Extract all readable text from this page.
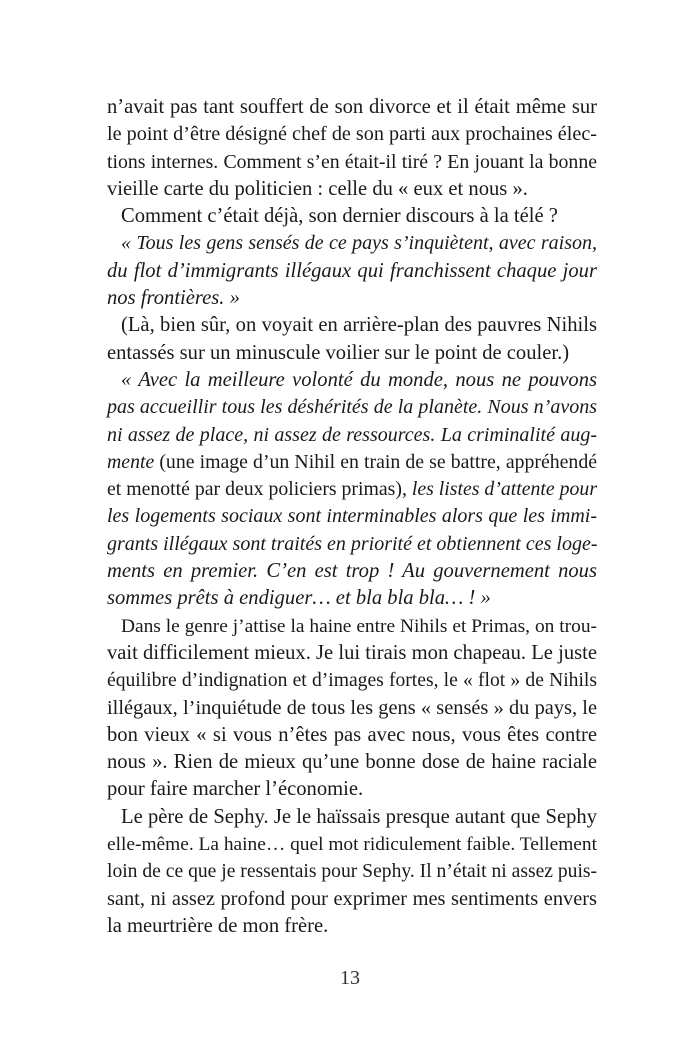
n’avait pas tant souffert de son divorce et il était même sur
le point d’être désigné chef de son parti aux prochaines élec-
tions internes. Comment s’en était-il tiré ? En jouant la bonne
vieille carte du politicien : celle du « eux et nous ».
Comment c’était déjà, son dernier discours à la télé ?
« Tous les gens sensés de ce pays s’inquiètent, avec raison,
du flot d’immigrants illégaux qui franchissent chaque jour
nos frontières. »
(Là, bien sûr, on voyait en arrière-plan des pauvres Nihils
entassés sur un minuscule voilier sur le point de couler.)
« Avec la meilleure volonté du monde, nous ne pouvons
pas accueillir tous les déshérités de la planète. Nous n’avons
ni assez de place, ni assez de ressources. La criminalité aug-
mente (une image d’un Nihil en train de se battre, appréhendé
et menotté par deux policiers primas), les listes d’attente pour
les logements sociaux sont interminables alors que les immi-
grants illégaux sont traités en priorité et obtiennent ces loge-
ments en premier. C’en est trop ! Au gouvernement nous
sommes prêts à endiguer… et bla bla bla… ! »
Dans le genre j’attise la haine entre Nihils et Primas, on trou-
vait difficilement mieux. Je lui tirais mon chapeau. Le juste
équilibre d’indignation et d’images fortes, le « flot » de Nihils
illégaux, l’inquiétude de tous les gens « sensés » du pays, le
bon vieux « si vous n’êtes pas avec nous, vous êtes contre
nous ». Rien de mieux qu’une bonne dose de haine raciale
pour faire marcher l’économie.
Le père de Sephy. Je le haïssais presque autant que Sephy
elle-même. La haine… quel mot ridiculement faible. Tellement
loin de ce que je ressentais pour Sephy. Il n’était ni assez puis-
sant, ni assez profond pour exprimer mes sentiments envers
la meurtrière de mon frère.
13
